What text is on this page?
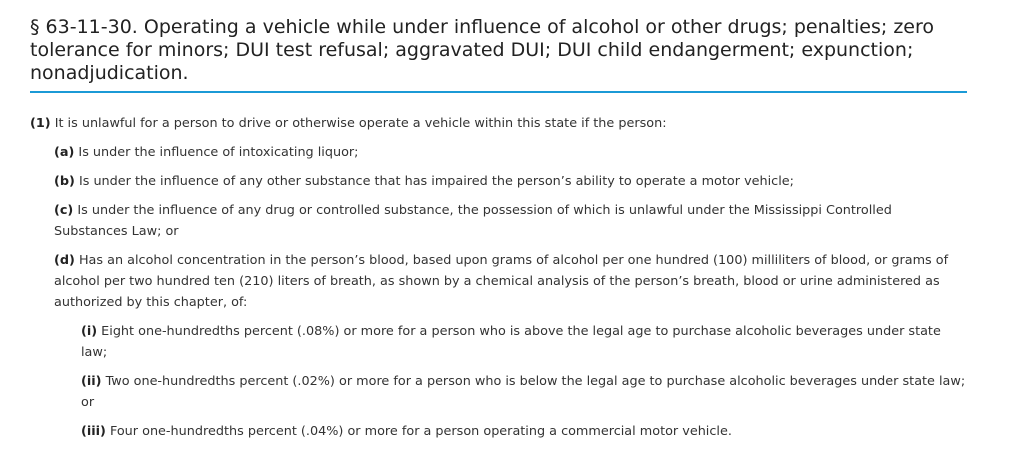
§ 63-11-30. Operating a vehicle while under influence of alcohol or other drugs; penalties; zero tolerance for minors; DUI test refusal; aggravated DUI; DUI child endangerment; expunction; nonadjudication.

(1) It is unlawful for a person to drive or otherwise operate a vehicle within this state if the person:

(a) Is under the influence of intoxicating liquor;

(b) Is under the influence of any other substance that has impaired the person’s ability to operate a motor vehicle;

(c) Is under the influence of any drug or controlled substance, the possession of which is unlawful under the Mississippi Controlled Substances Law; or

(d) Has an alcohol concentration in the person’s blood, based upon grams of alcohol per one hundred (100) milliliters of blood, or grams of alcohol per two hundred ten (210) liters of breath, as shown by a chemical analysis of the person’s breath, blood or urine administered as authorized by this chapter, of:

(i) Eight one-hundredths percent (.08%) or more for a person who is above the legal age to purchase alcoholic beverages under state law;

(ii) Two one-hundredths percent (.02%) or more for a person who is below the legal age to purchase alcoholic beverages under state law; or

(iii) Four one-hundredths percent (.04%) or more for a person operating a commercial motor vehicle.
